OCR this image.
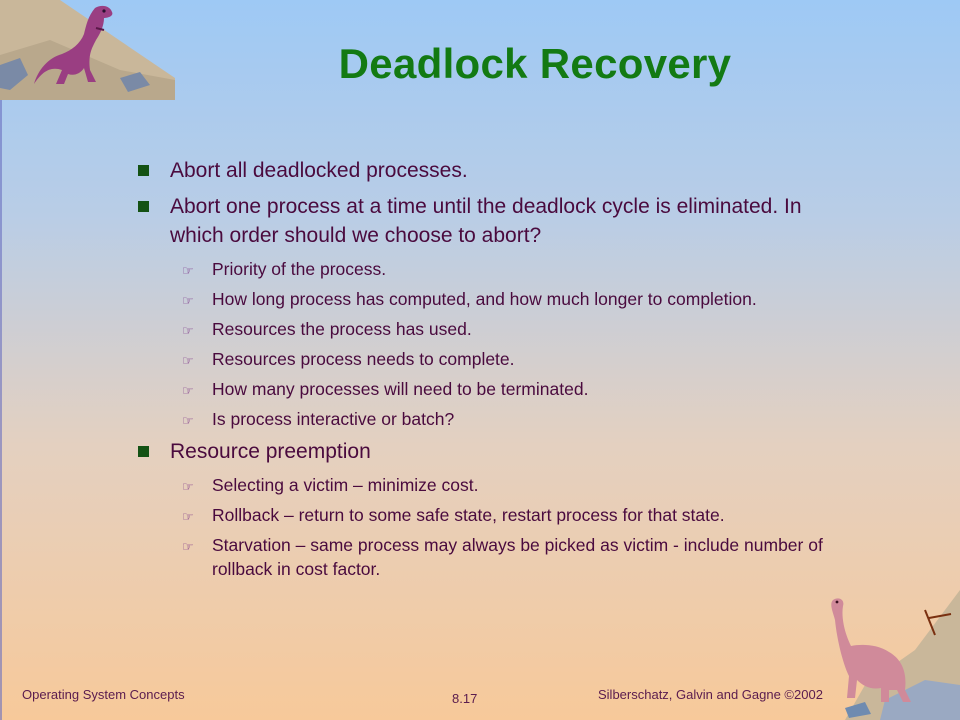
Deadlock Recovery
Abort all deadlocked processes.
Abort one process at a time until the deadlock cycle is eliminated. In which order should we choose to abort?
☞ Priority of the process.
☞ How long process has computed, and how much longer to completion.
☞ Resources the process has used.
☞ Resources process needs to complete.
☞ How many processes will need to be terminated.
☞ Is process interactive or batch?
Resource preemption
☞ Selecting a victim – minimize cost.
☞ Rollback – return to some safe state, restart process for that state.
☞ Starvation – same process may always be picked as victim - include number of rollback in cost factor.
Operating System Concepts	8.17	Silberschatz, Galvin and Gagne ©2002
